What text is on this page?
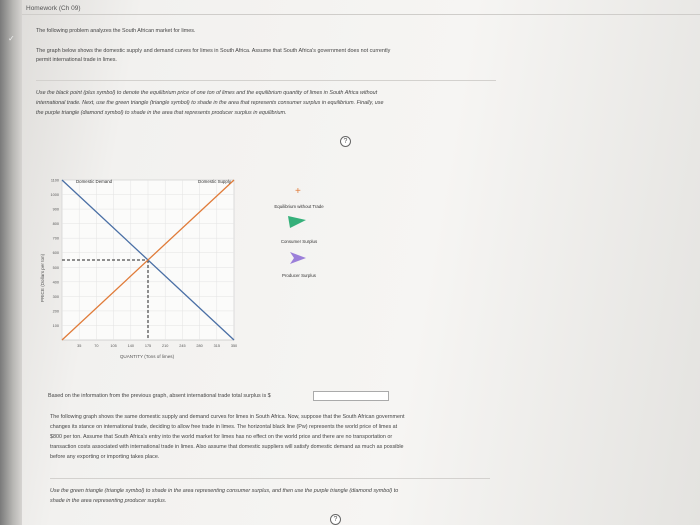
✓
Homework (Ch 09)
The following problem analyzes the South African market for limes.
The graph below shows the domestic supply and demand curves for limes in South Africa. Assume that South Africa's government does not currently
permit international trade in limes.
Use the black point (plus symbol) to denote the equilibrium price of one ton of limes and the equilibrium quantity of limes in South Africa without
international trade. Next, use the green triangle (triangle symbol) to shade in the area that represents consumer surplus in equilibrium. Finally, use
the purple triangle (diamond symbol) to shade in the area that represents producer surplus in equilibrium.
?
100
200
300
400
500
600
700
800
900
1000
1100
35	70	105	140	175	210	245	280	315	350
Domestic Demand	Domestic Supply
PRICE (Dollars per ton)
QUANTITY (Tons of limes)
+
Equilibrium without Trade
Consumer Surplus
Producer Surplus
Based on the information from the previous graph, absent international trade total surplus is $
The following graph shows the same domestic supply and demand curves for limes in South Africa. Now, suppose that the South African government
changes its stance on international trade, deciding to allow free trade in limes. The horizontal black line (Pw) represents the world price of limes at
$800 per ton. Assume that South Africa's entry into the world market for limes has no effect on the world price and there are no transportation or
transaction costs associated with international trade in limes. Also assume that domestic suppliers will satisfy domestic demand as much as possible
before any exporting or importing takes place.
Use the green triangle (triangle symbol) to shade in the area representing consumer surplus, and then use the purple triangle (diamond symbol) to
shade in the area representing producer surplus.
?
